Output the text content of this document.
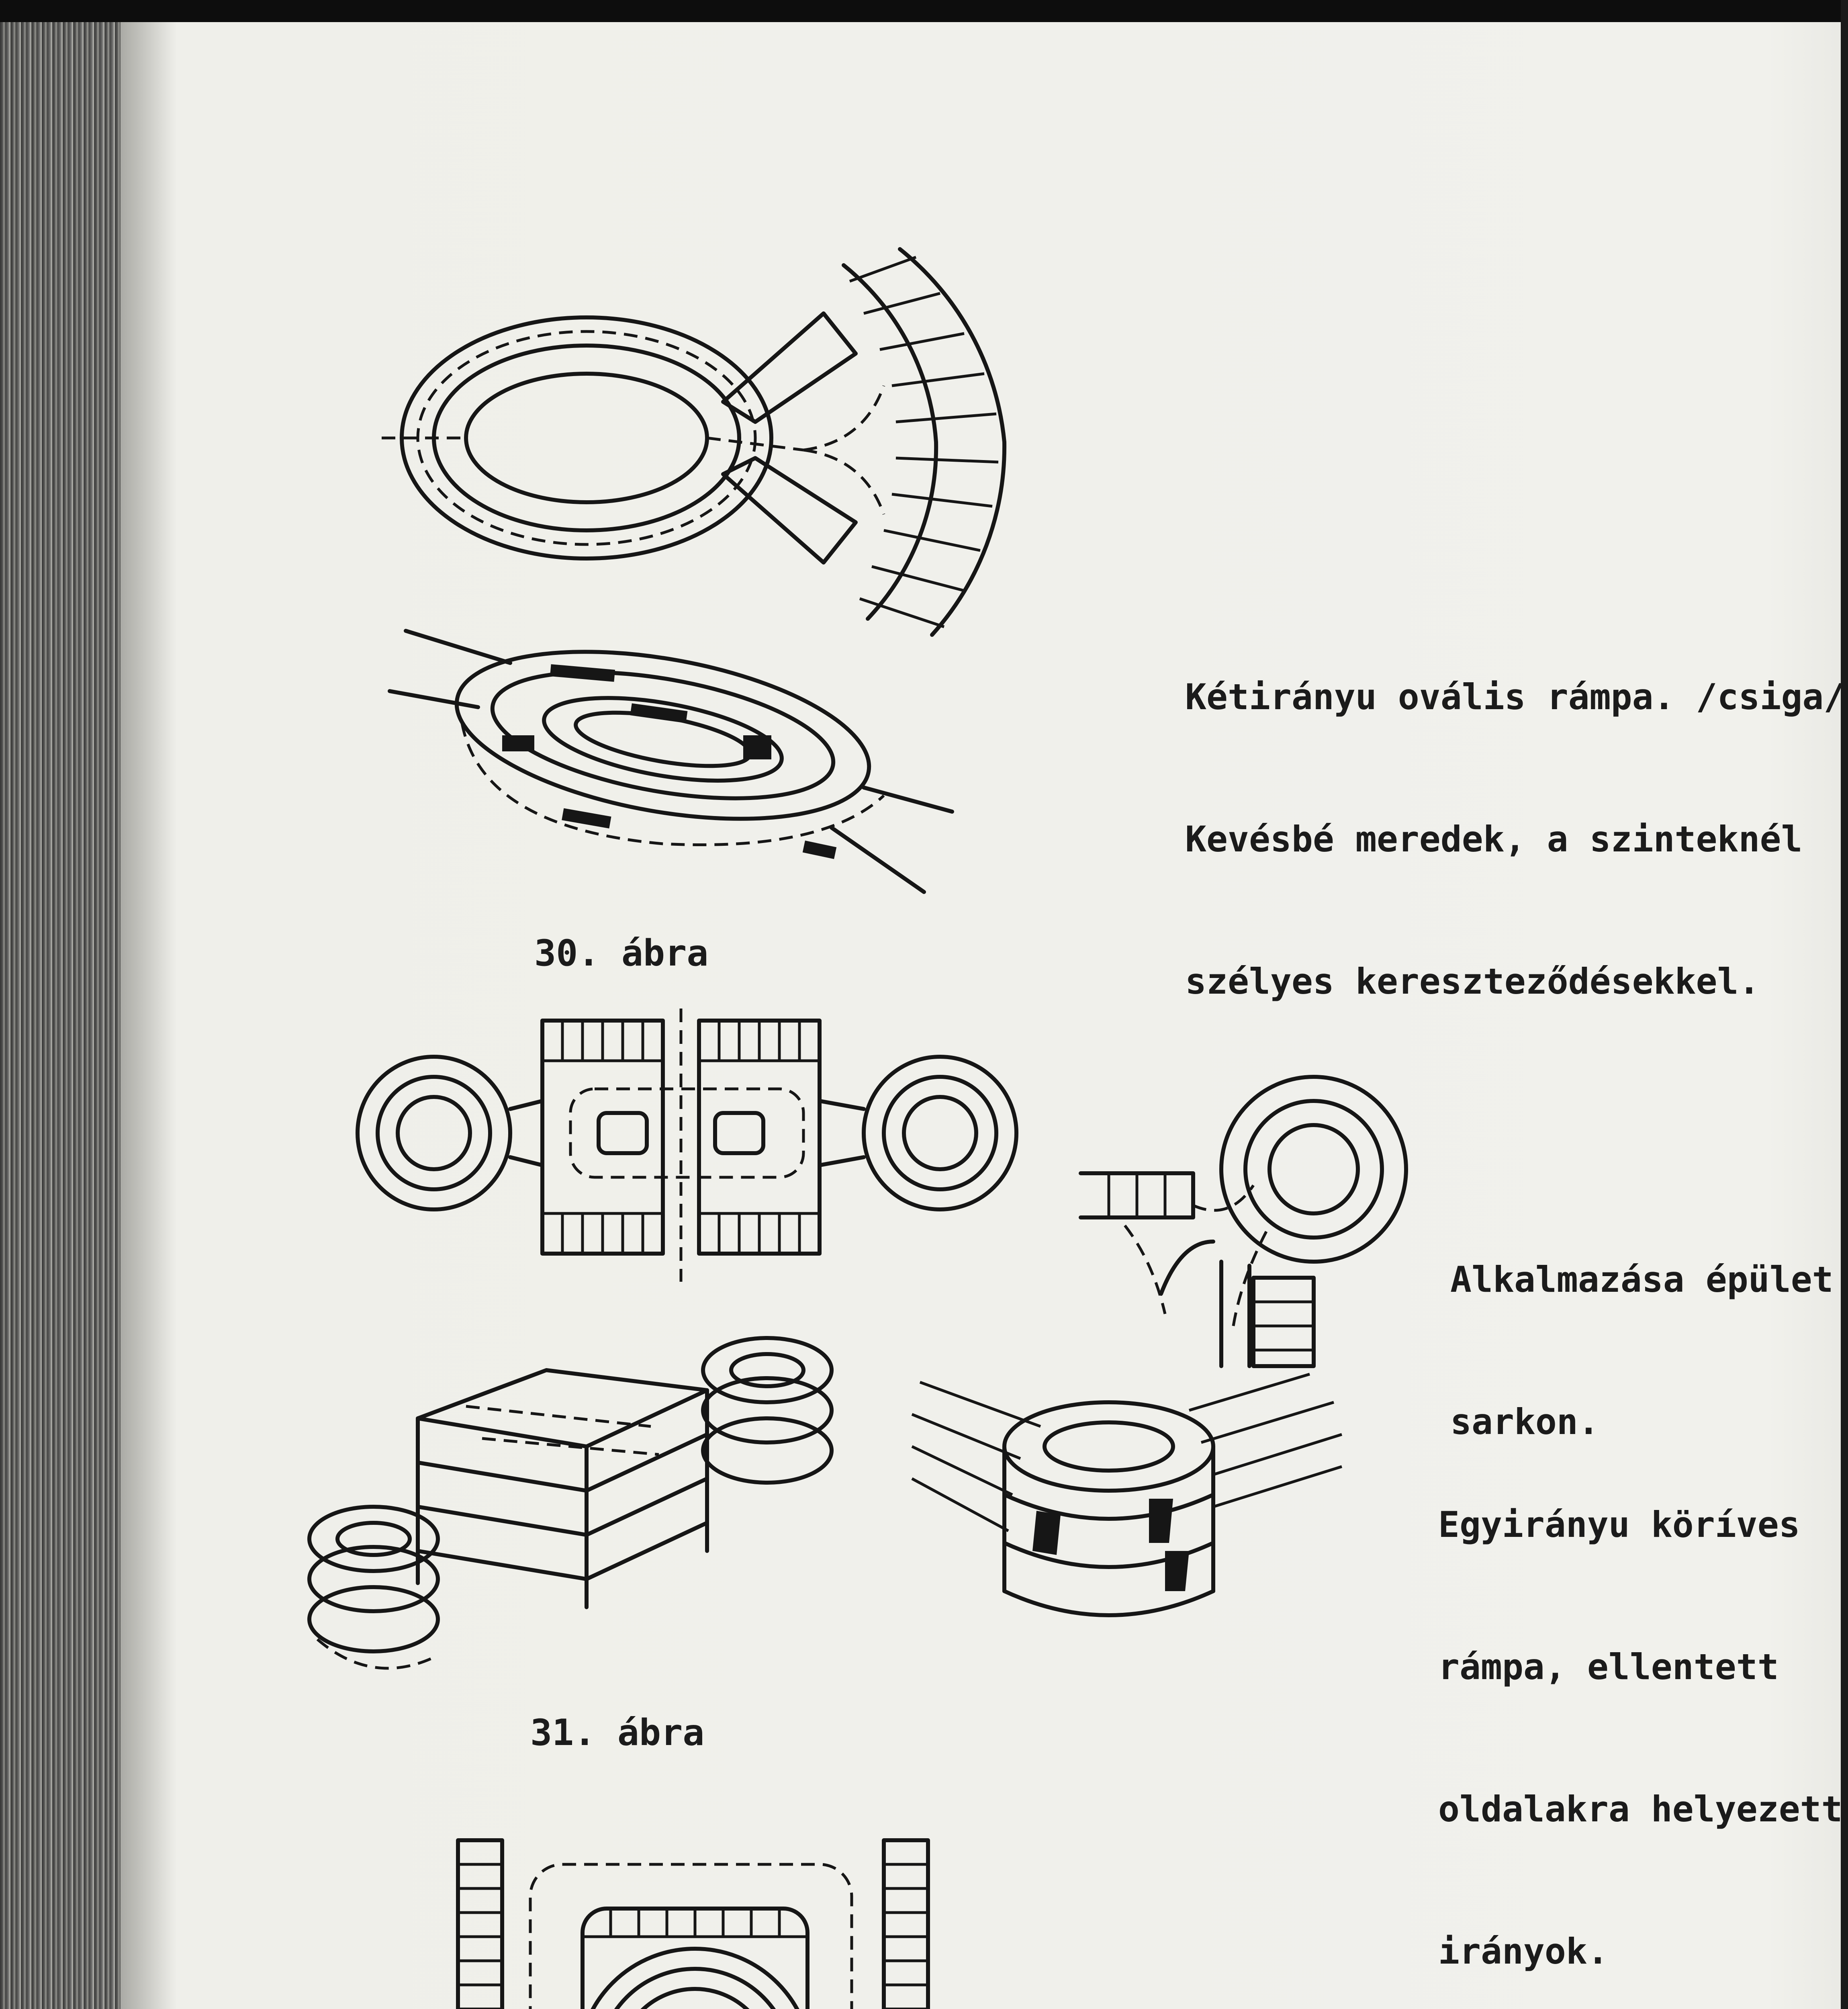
30. ábra
31. ábra

Kétirányu ovális rámpa. /csiga/

Kevésbé meredek, a szinteknél

szélyes kereszteződésekkel.

Alkalmazása épület

sarkon.

Egyirányu köríves

rámpa, ellentett

oldalakra helyezett

irányok.
